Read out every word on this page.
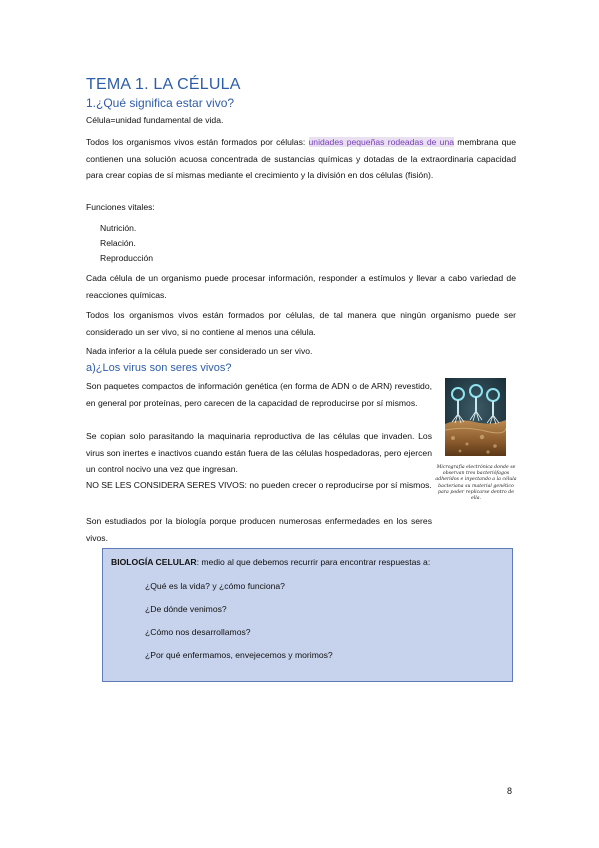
TEMA 1. LA CÉLULA
1.¿Qué significa estar vivo?
Célula=unidad fundamental de vida.
Todos los organismos vivos están formados por células: unidades pequeñas rodeadas de una membrana que contienen una solución acuosa concentrada de sustancias químicas y dotadas de la extraordinaria capacidad para crear copias de sí mismas mediante el crecimiento y la división en dos células (fisión).
Funciones vitales:
Nutrición.
Relación.
Reproducción
Cada célula de un organismo puede procesar información, responder a estímulos y llevar a cabo variedad de reacciones químicas.
Todos los organismos vivos están formados por células, de tal manera que ningún organismo puede ser considerado un ser vivo, si no contiene al menos una célula.
Nada inferior a la célula puede ser considerado un ser vivo.
a)¿Los virus son seres vivos?
Son paquetes compactos de información genética (en forma de ADN o de ARN) revestido, en general por proteínas, pero carecen de la capacidad de reproducirse por sí mismos.
Se copian solo parasitando la maquinaria reproductiva de las células que invaden. Los virus son inertes e inactivos cuando están fuera de las células hospedadoras, pero ejercen un control nocivo una vez que ingresan.
NO SE LES CONSIDERA SERES VIVOS: no pueden crecer o reproducirse por sí mismos.
Son estudiados por la biología porque producen numerosas enfermedades en los seres vivos.
Micrografía electrónica donde se observan tres bacteriófagos adheridos e inyectando a la célula bacteriana su material genético para poder replicarse dentro de ella.
BIOLOGÍA CELULAR: medio al que debemos recurrir para encontrar respuestas a:
¿Qué es la vida? y ¿cómo funciona?
¿De dónde venimos?
¿Cómo nos desarrollamos?
¿Por qué enfermamos, envejecemos y morimos?
8
